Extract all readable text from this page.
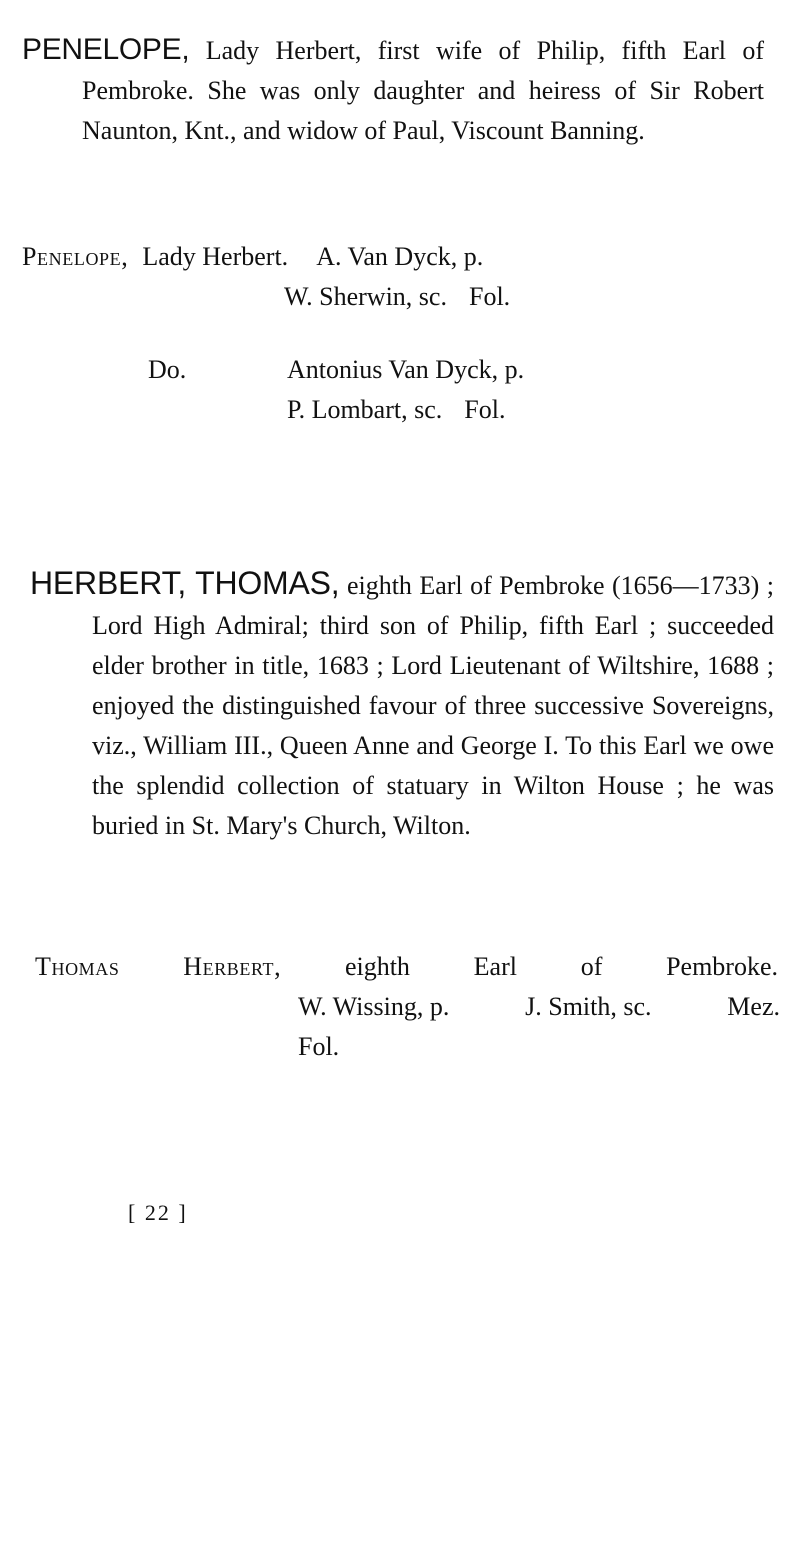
PENELOPE, Lady Herbert, first wife of Philip, fifth Earl of Pembroke. She was only daughter and heiress of Sir Robert Naunton, Knt., and widow of Paul, Viscount Banning.

Penelope, Lady Herbert. A. Van Dyck, p.
W. Sherwin, sc. Fol.
Do.	Antonius Van Dyck, p.
P. Lombart, sc. Fol.

HERBERT, THOMAS, eighth Earl of Pembroke (1656—1733) ; Lord High Admiral; third son of Philip, fifth Earl ; succeeded elder brother in title, 1683 ; Lord Lieutenant of Wiltshire, 1688 ; enjoyed the distinguished favour of three successive Sovereigns, viz., William III., Queen Anne and George I. To this Earl we owe the splendid collection of statuary in Wilton House ; he was buried in St. Mary's Church, Wilton.

Thomas Herbert, eighth Earl of Pembroke.
W. Wissing, p.	J. Smith, sc.	Mez.
Fol.
[ 22 ]
